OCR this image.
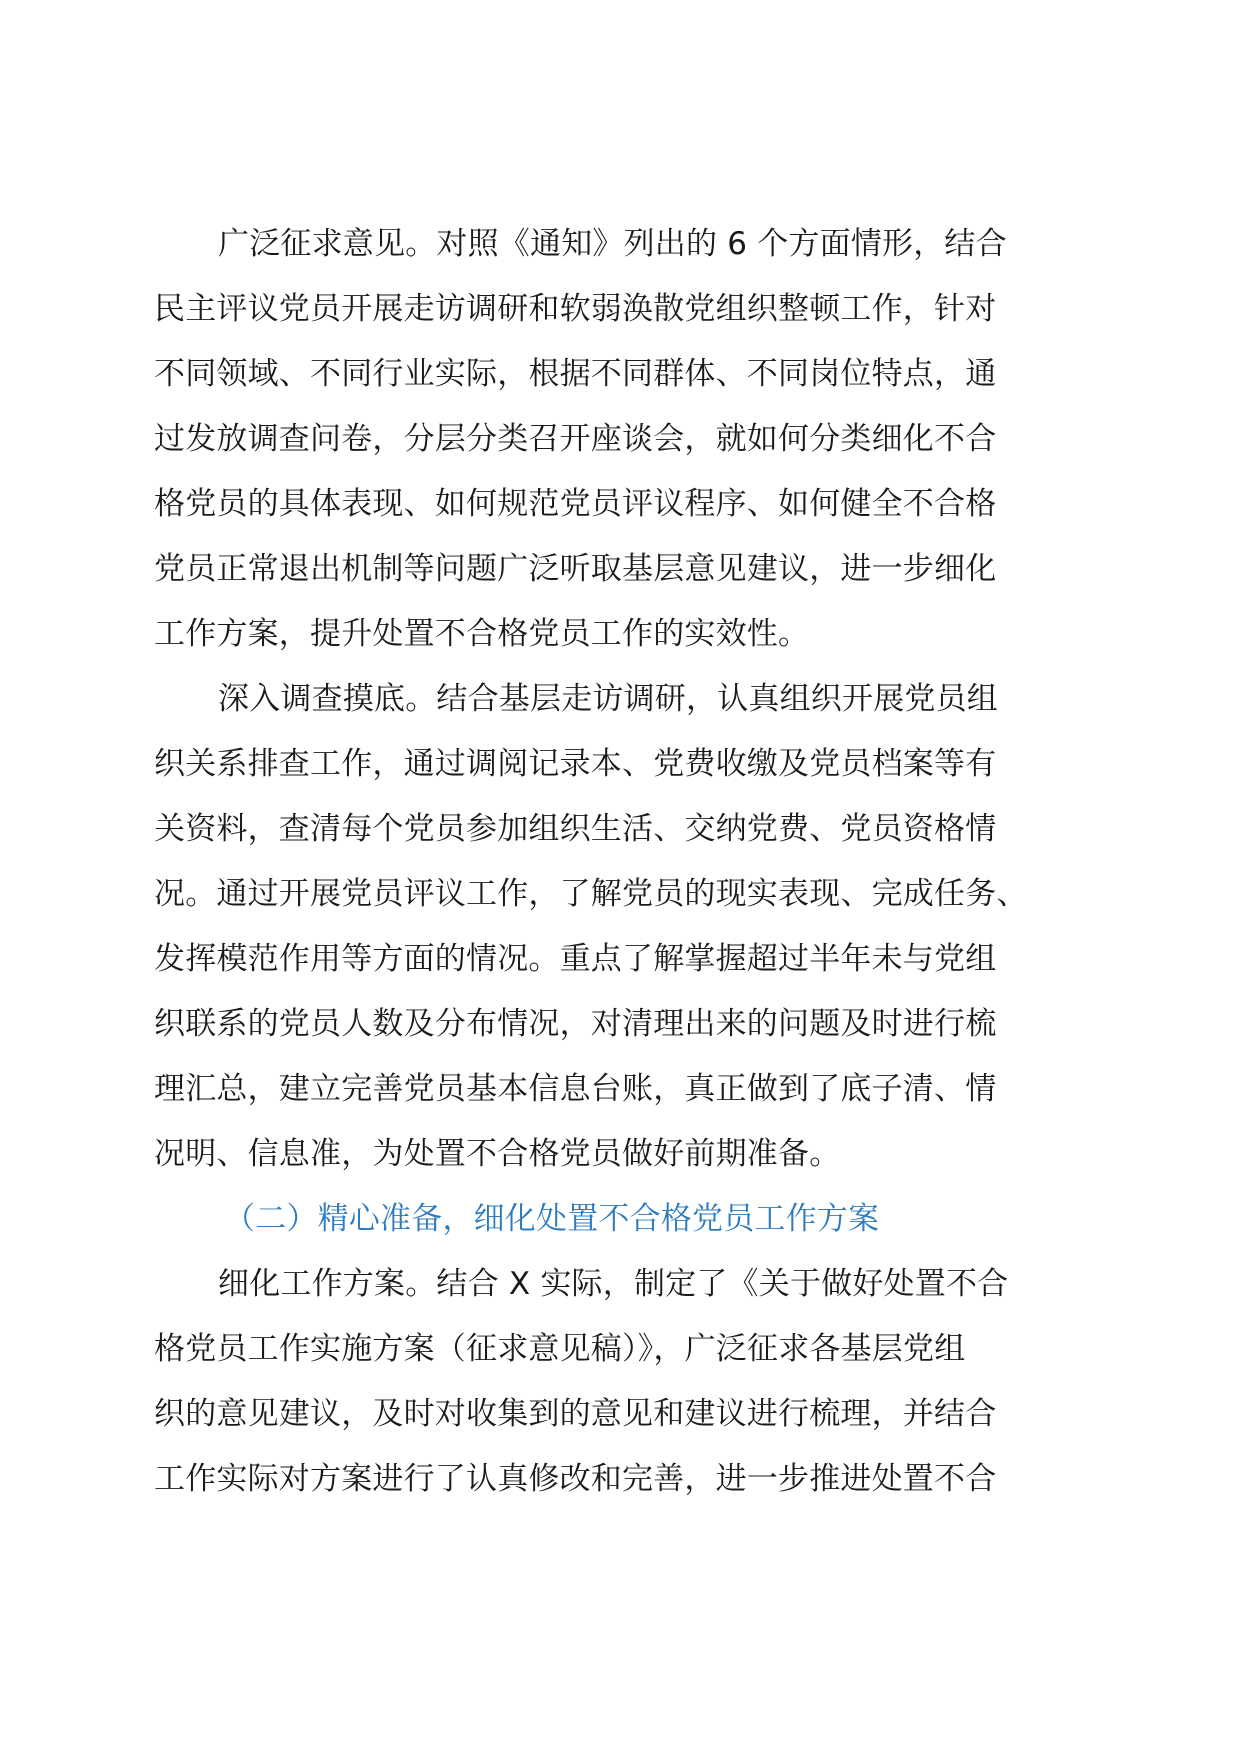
广泛征求意见。对照《通知》列出的 6 个方面情形，结合
民主评议党员开展走访调研和软弱涣散党组织整顿工作，针对
不同领域、不同行业实际，根据不同群体、不同岗位特点，通
过发放调查问卷，分层分类召开座谈会，就如何分类细化不合
格党员的具体表现、如何规范党员评议程序、如何健全不合格
党员正常退出机制等问题广泛听取基层意见建议，进一步细化
工作方案，提升处置不合格党员工作的实效性。
深入调查摸底。结合基层走访调研，认真组织开展党员组
织关系排查工作，通过调阅记录本、党费收缴及党员档案等有
关资料，查清每个党员参加组织生活、交纳党费、党员资格情
况。通过开展党员评议工作，了解党员的现实表现、完成任务、
发挥模范作用等方面的情况。重点了解掌握超过半年未与党组
织联系的党员人数及分布情况，对清理出来的问题及时进行梳
理汇总，建立完善党员基本信息台账，真正做到了底子清、情
况明、信息准，为处置不合格党员做好前期准备。
（二）精心准备，细化处置不合格党员工作方案
细化工作方案。结合 X 实际，制定了《关于做好处置不合
格党员工作实施方案（征求意见稿）》，广泛征求各基层党组
织的意见建议，及时对收集到的意见和建议进行梳理，并结合
工作实际对方案进行了认真修改和完善，进一步推进处置不合
